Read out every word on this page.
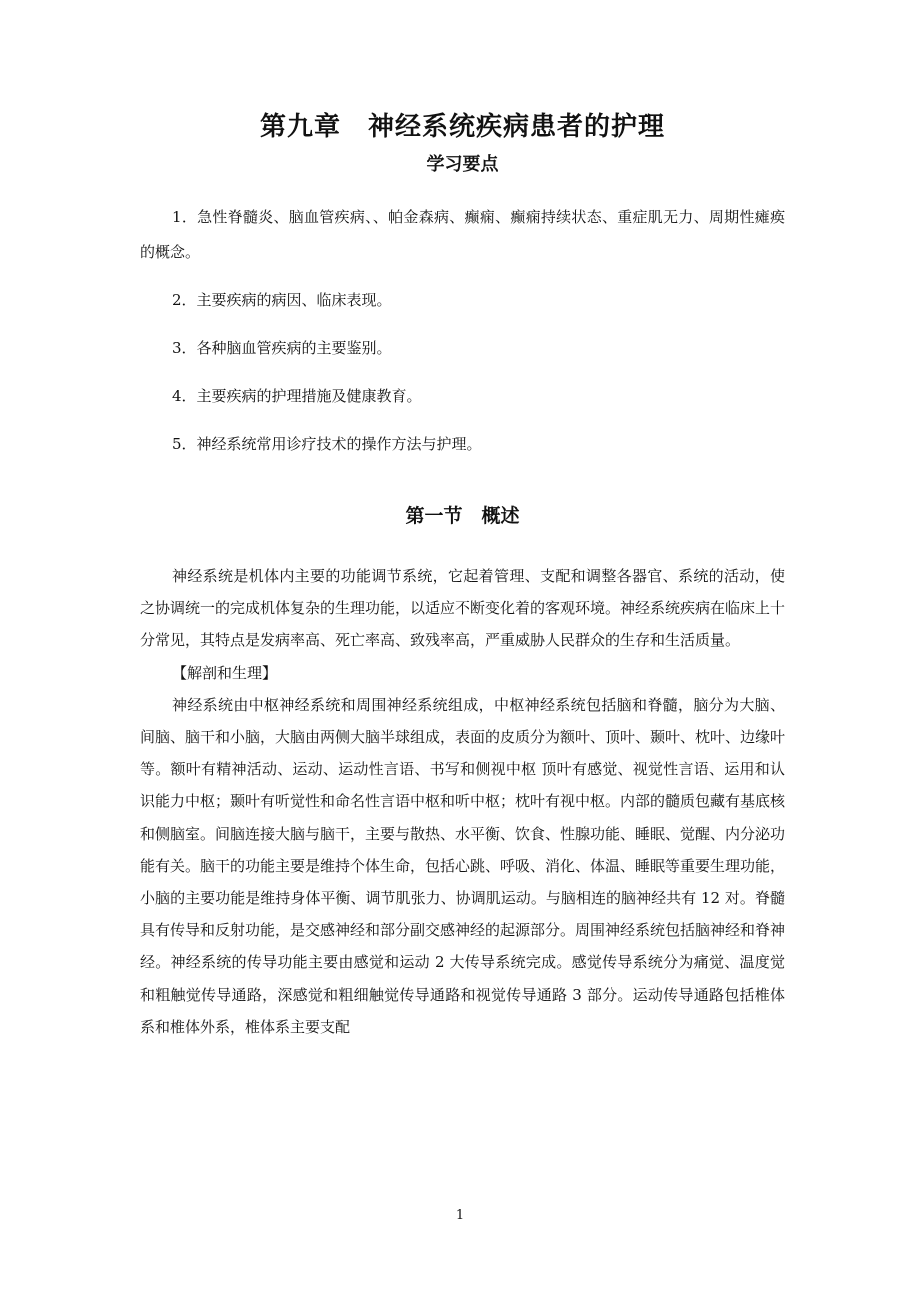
第九章　神经系统疾病患者的护理
学习要点

1．急性脊髓炎、脑血管疾病、、帕金森病、癫痫、癫痫持续状态、重症肌无力、周期性瘫痪的概念。

2．主要疾病的病因、临床表现。

3．各种脑血管疾病的主要鉴别。

4．主要疾病的护理措施及健康教育。

5．神经系统常用诊疗技术的操作方法与护理。

第一节　概述

神经系统是机体内主要的功能调节系统，它起着管理、支配和调整各器官、系统的活动，使之协调统一的完成机体复杂的生理功能，以适应不断变化着的客观环境。神经系统疾病在临床上十分常见，其特点是发病率高、死亡率高、致残率高，严重威胁人民群众的生存和生活质量。

【解剖和生理】

神经系统由中枢神经系统和周围神经系统组成，中枢神经系统包括脑和脊髓，脑分为大脑、间脑、脑干和小脑，大脑由两侧大脑半球组成，表面的皮质分为额叶、顶叶、颞叶、枕叶、边缘叶等。额叶有精神活动、运动、运动性言语、书写和侧视中枢 顶叶有感觉、视觉性言语、运用和认识能力中枢；颞叶有听觉性和命名性言语中枢和听中枢；枕叶有视中枢。内部的髓质包藏有基底核和侧脑室。间脑连接大脑与脑干，主要与散热、水平衡、饮食、性腺功能、睡眠、觉醒、内分泌功能有关。脑干的功能主要是维持个体生命，包括心跳、呼吸、消化、体温、睡眠等重要生理功能，小脑的主要功能是维持身体平衡、调节肌张力、协调肌运动。与脑相连的脑神经共有 12 对。脊髓具有传导和反射功能，是交感神经和部分副交感神经的起源部分。周围神经系统包括脑神经和脊神经。神经系统的传导功能主要由感觉和运动 2 大传导系统完成。感觉传导系统分为痛觉、温度觉和粗触觉传导通路，深感觉和粗细触觉传导通路和视觉传导通路 3 部分。运动传导通路包括椎体系和椎体外系，椎体系主要支配

1
